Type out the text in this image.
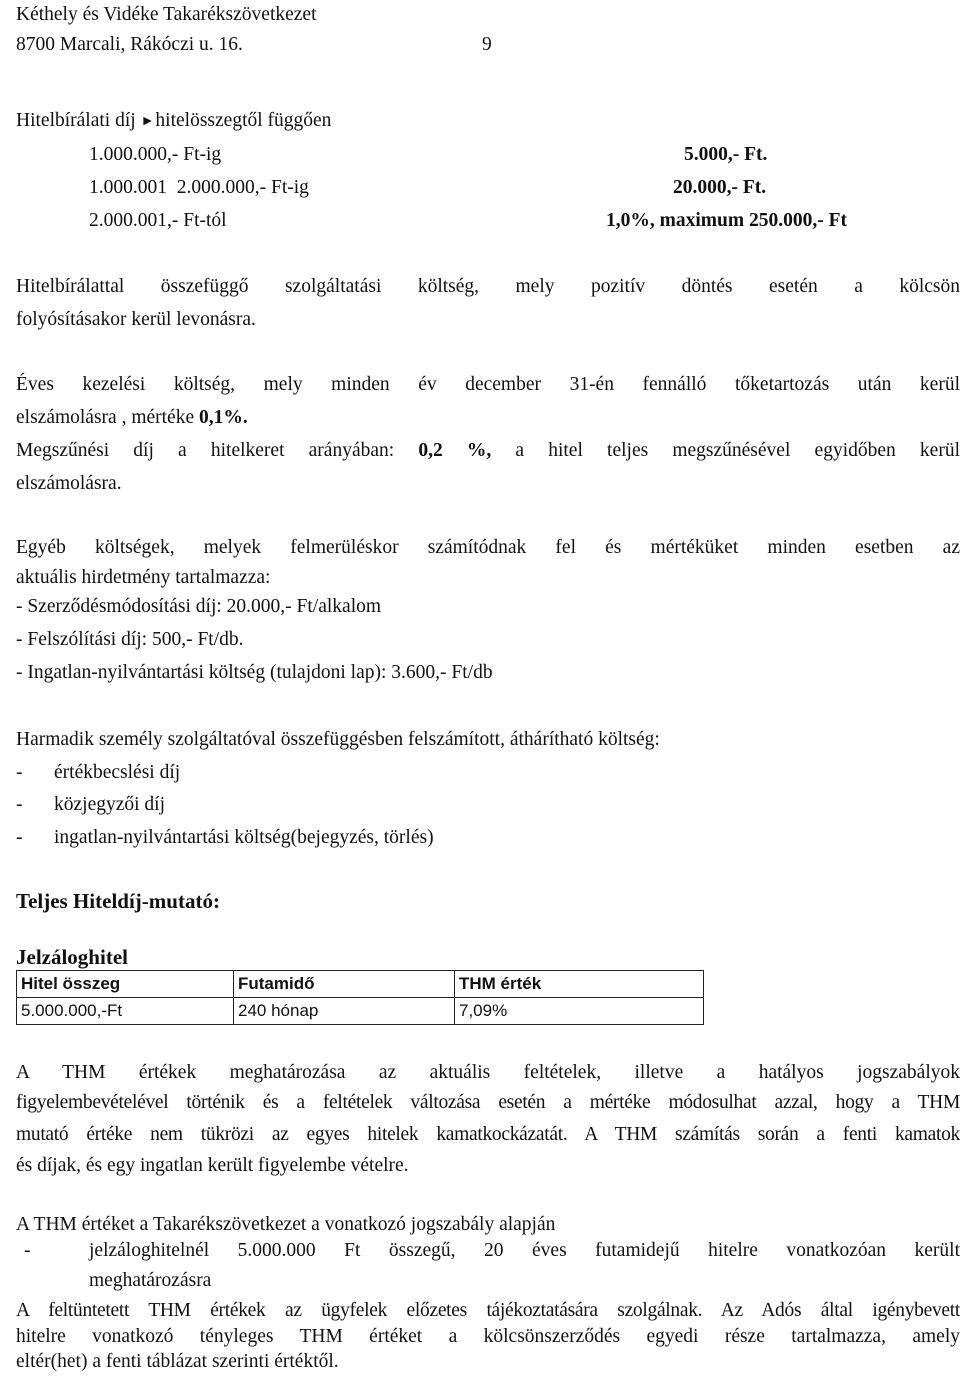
Kéthely és Vidéke Takarékszövetkezet
8700 Marcali, Rákóczi u. 16.	9
Hitelbírálati díj ►hitelösszegtől függően
1.000.000,- Ft-ig	5.000,- Ft.
1.000.001  2.000.000,- Ft-ig	20.000,- Ft.
2.000.001,- Ft-tól	1,0%, maximum 250.000,- Ft
Hitelbírálattal összefüggő szolgáltatási költség, mely pozitív döntés esetén a kölcsön
folyósításakor kerül levonásra.
Éves kezelési költség, mely minden év december 31-én fennálló tőketartozás után kerül
elszámolásra , mértéke 0,1%.
Megszűnési díj a hitelkeret arányában: 0,2 %, a hitel teljes megszűnésével egyidőben kerül
elszámolásra.
Egyéb költségek, melyek felmerüléskor számítódnak fel és mértéküket minden esetben az
aktuális hirdetmény tartalmazza:
- Szerződésmódosítási díj: 20.000,- Ft/alkalom
- Felszólítási díj: 500,- Ft/db.
- Ingatlan-nyilvántartási költség (tulajdoni lap): 3.600,- Ft/db
Harmadik személy szolgáltatóval összefüggésben felszámított, áthárítható költség:
- értékbecslési díj
- közjegyzői díj
- ingatlan-nyilvántartási költség(bejegyzés, törlés)
Teljes Hiteldíj-mutató:
Jelzáloghitel
Hitel összeg	Futamidő	THM érték
5.000.000,-Ft	240 hónap	7,09%
A THM értékek meghatározása az aktuális feltételek, illetve a hatályos jogszabályok
figyelembevételével történik és a feltételek változása esetén a mértéke módosulhat azzal, hogy a THM
mutató értéke nem tükrözi az egyes hitelek kamatkockázatát. A THM számítás során a fenti kamatok
és díjak, és egy ingatlan került figyelembe vételre.
A THM értéket a Takarékszövetkezet a vonatkozó jogszabály alapján
-	jelzáloghitelnél 5.000.000 Ft összegű, 20 éves futamidejű hitelre vonatkozóan került
meghatározásra
A feltüntetett THM értékek az ügyfelek előzetes tájékoztatására szolgálnak. Az Adós által igénybevett
hitelre vonatkozó tényleges THM értéket a kölcsönszerződés egyedi része tartalmazza, amely
eltér(het) a fenti táblázat szerinti értéktől.
